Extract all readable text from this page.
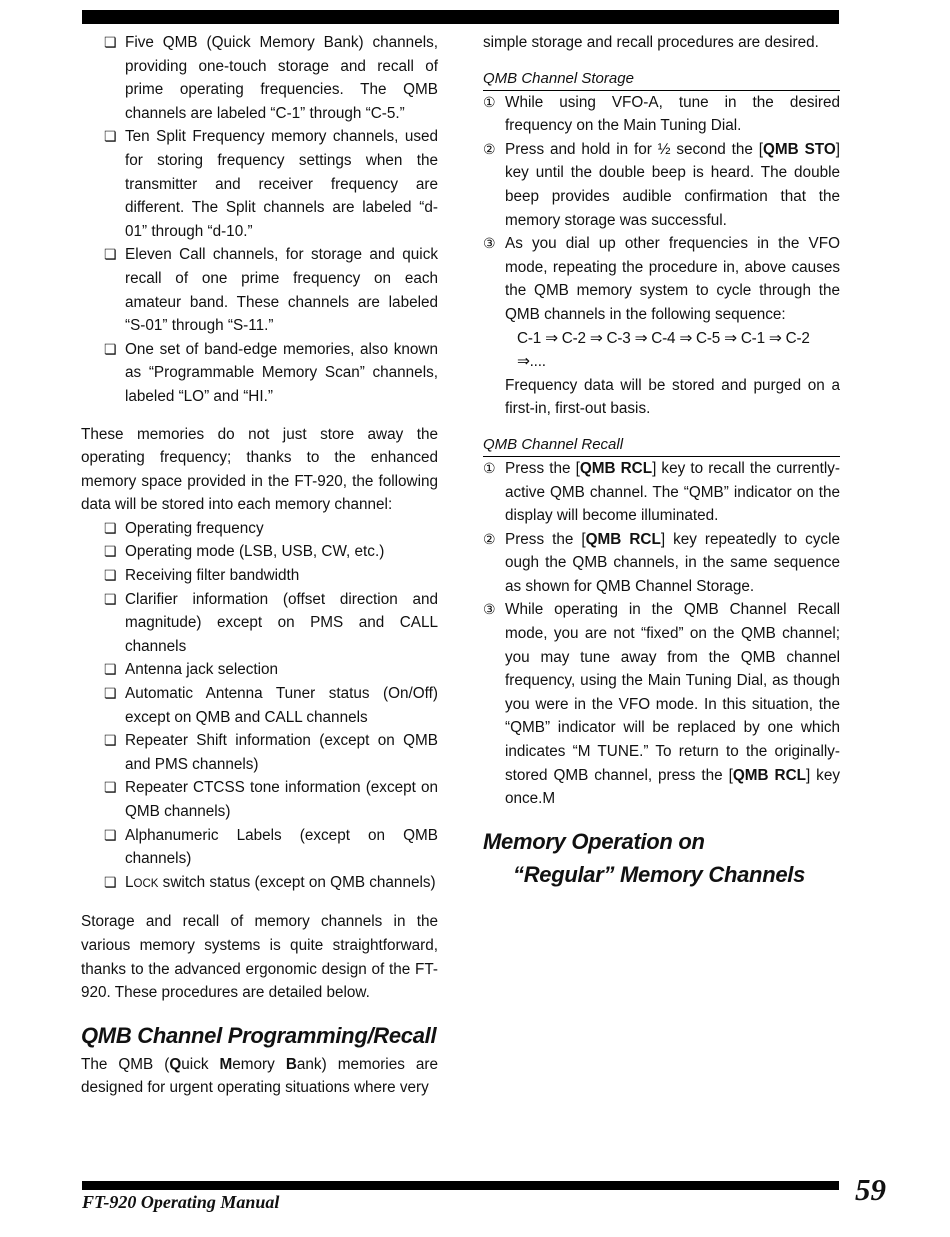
❏ Five QMB (Quick Memory Bank) channels, providing one-touch storage and recall of prime operating frequencies. The QMB channels are labeled “C-1” through “C-5.”
❏ Ten Split Frequency memory channels, used for storing frequency settings when the transmitter and receiver frequency are different. The Split channels are labeled “d-01” through “d-10.”
❏ Eleven Call channels, for storage and quick recall of one prime frequency on each amateur band. These channels are labeled “S-01” through “S-11.”
❏ One set of band-edge memories, also known as “Programmable Memory Scan” channels, labeled “LO” and “HI.”

These memories do not just store away the operating frequency; thanks to the enhanced memory space provided in the FT-920, the following data will be stored into each memory channel:

❏ Operating frequency
❏ Operating mode (LSB, USB, CW, etc.)
❏ Receiving filter bandwidth
❏ Clarifier information (offset direction and magnitude) except on PMS and CALL channels
❏ Antenna jack selection
❏ Automatic Antenna Tuner status (On/Off) except on QMB and CALL channels
❏ Repeater Shift information (except on QMB and PMS channels)
❏ Repeater CTCSS tone information (except on QMB channels)
❏ Alphanumeric Labels (except on QMB channels)
❏ LOCK switch status (except on QMB channels)

Storage and recall of memory channels in the various memory systems is quite straightforward, thanks to the advanced ergonomic design of the FT-920. These procedures are detailed below.

QMB Channel Programming/Recall

The QMB (Quick Memory Bank) memories are designed for urgent operating situations where very

simple storage and recall procedures are desired.

QMB Channel Storage
① While using VFO-A, tune in the desired frequency on the Main Tuning Dial.
② Press and hold in for ½ second the [QMB STO] key until the double beep is heard. The double beep provides audible confirmation that the memory storage was successful.
③ As you dial up other frequencies in the VFO mode, repeating the procedure in, above causes the QMB memory system to cycle through the QMB channels in the following sequence:
C-1 ⇒ C-2 ⇒ C-3 ⇒ C-4 ⇒ C-5 ⇒ C-1 ⇒ C-2 ⇒....
Frequency data will be stored and purged on a first-in, first-out basis.
QMB Channel Recall
① Press the [QMB RCL] key to recall the currently-active QMB channel. The “QMB” indicator on the display will become illuminated.
② Press the [QMB RCL] key repeatedly to cycle ough the QMB channels, in the same sequence as shown for QMB Channel Storage.
③ While operating in the QMB Channel Recall mode, you are not “fixed” on the QMB channel; you may tune away from the QMB channel frequency, using the Main Tuning Dial, as though you were in the VFO mode. In this situation, the “QMB” indicator will be replaced by one which indicates “M TUNE.” To return to the originally-stored QMB channel, press the [QMB RCL] key once.M
Memory Operation on
“Regular” Memory Channels
FT-920 Operating Manual	59
